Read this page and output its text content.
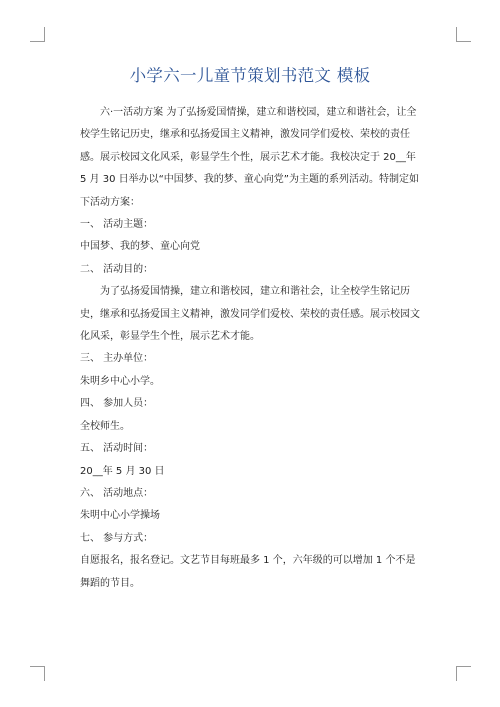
小学六一儿童节策划书范文 模板

六·一活动方案 为了弘扬爱国情操，建立和谐校园，建立和谐社会，让全校学生铭记历史，继承和弘扬爱国主义精神，激发同学们爱校、荣校的责任感。展示校园文化风采，彰显学生个性，展示艺术才能。我校决定于 20__年 5 月 30 日举办以“中国梦、我的梦、童心向党”为主题的系列活动。特制定如下活动方案：

一、 活动主题：

中国梦、我的梦、童心向党

二、 活动目的：

为了弘扬爱国情操，建立和谐校园，建立和谐社会，让全校学生铭记历史，继承和弘扬爱国主义精神，激发同学们爱校、荣校的责任感。展示校园文化风采，彰显学生个性，展示艺术才能。

三、 主办单位：

朱明乡中心小学。

四、 参加人员：

全校师生。

五、 活动时间：

20__年 5 月 30 日

六、 活动地点：

朱明中心小学操场

七、 参与方式：

自愿报名，报名登记。文艺节目每班最多 1 个，六年级的可以增加 1 个不是舞蹈的节目。
